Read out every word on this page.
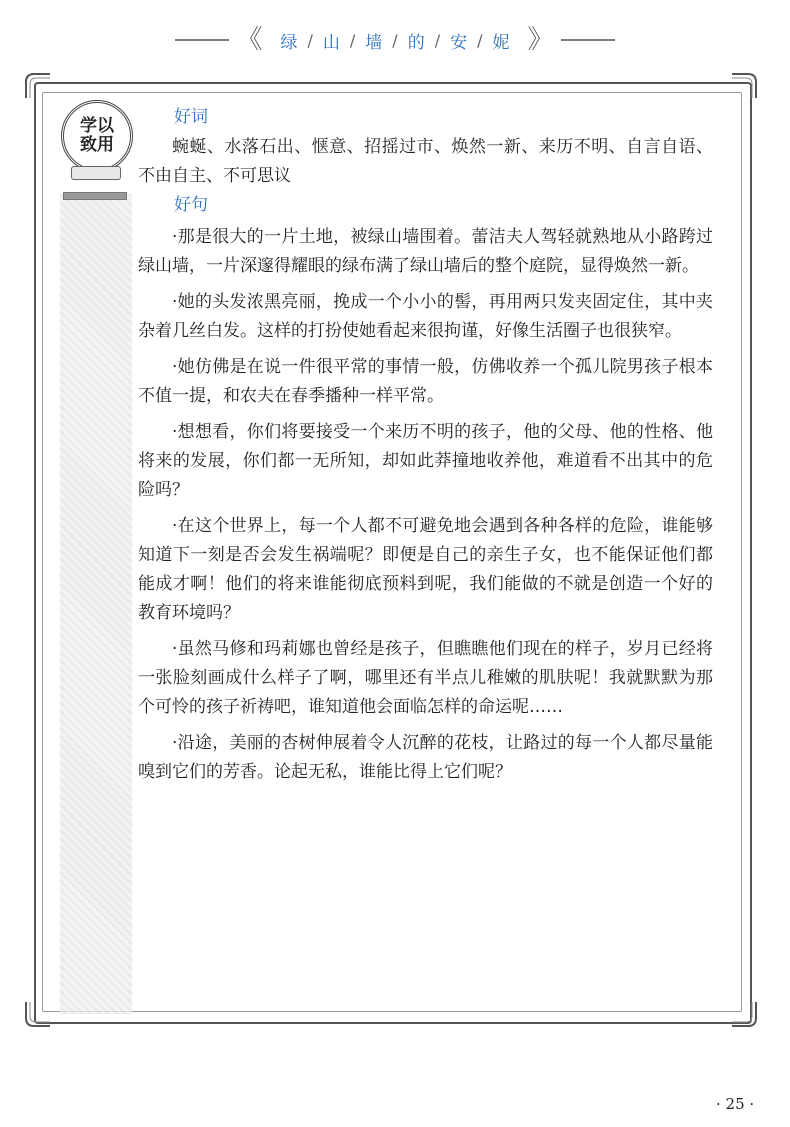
《	绿 / 山 / 墙 / 的 / 安 / 妮 》
学以致用
好词

蜿蜒、水落石出、惬意、招摇过市、焕然一新、来历不明、自言自语、不由自主、不可思议

好句

·那是很大的一片土地，被绿山墙围着。蕾洁夫人驾轻就熟地从小路跨过绿山墙，一片深邃得耀眼的绿布满了绿山墙后的整个庭院，显得焕然一新。

·她的头发浓黑亮丽，挽成一个小小的髻，再用两只发夹固定住，其中夹杂着几丝白发。这样的打扮使她看起来很拘谨，好像生活圈子也很狭窄。

·她仿佛是在说一件很平常的事情一般，仿佛收养一个孤儿院男孩子根本不值一提，和农夫在春季播种一样平常。

·想想看，你们将要接受一个来历不明的孩子，他的父母、他的性格、他将来的发展，你们都一无所知，却如此莽撞地收养他，难道看不出其中的危险吗？

·在这个世界上，每一个人都不可避免地会遇到各种各样的危险，谁能够知道下一刻是否会发生祸端呢？即便是自己的亲生子女，也不能保证他们都能成才啊！他们的将来谁能彻底预料到呢，我们能做的不就是创造一个好的教育环境吗？

·虽然马修和玛莉娜也曾经是孩子，但瞧瞧他们现在的样子，岁月已经将一张脸刻画成什么样子了啊，哪里还有半点儿稚嫩的肌肤呢！我就默默为那个可怜的孩子祈祷吧，谁知道他会面临怎样的命运呢……

·沿途，美丽的杏树伸展着令人沉醉的花枝，让路过的每一个人都尽量能嗅到它们的芳香。论起无私，谁能比得上它们呢？

· 25 ·
